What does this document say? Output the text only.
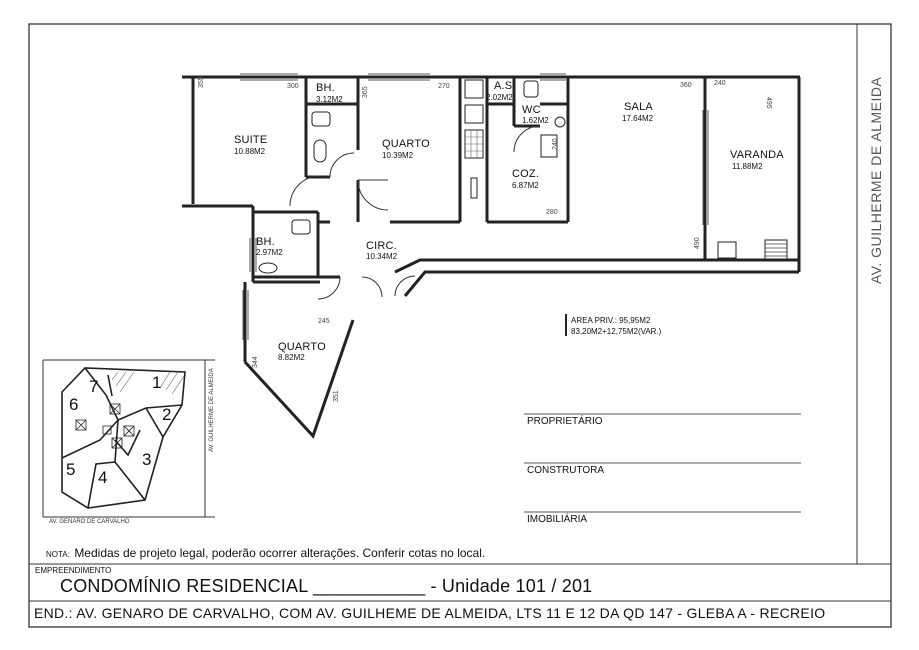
SUITE
10.88M2
BH.
3.12M2
QUARTO
10.39M2
A.S
2.02M2
WC
1.62M2
SALA
17.64M2
VARANDA
11.88M2
COZ.
6.87M2
BH.
2.97M2
CIRC.
10.34M2
QUARTO
8.82M2
355	300	365	270	360	240
495
240
280
490
245
344
351
AREA PRIV.: 95,95M2
83,20M2+12,75M2(VAR.)
PROPRIETÁRIO
CONSTRUTORA
IMOBILIÁRIA
AV. GUILHERME DE ALMEIDA
1
2
3
4
5
6
7	AV. GUILHERME DE ALMEIDA
AV. GENARO DE CARVALHO
NOTA: Medidas de projeto legal, poderão ocorrer alterações. Conferir cotas no local.
EMPREENDIMENTO
CONDOMÍNIO RESIDENCIAL ___________ - Unidade 101 / 201
END.: AV. GENARO DE CARVALHO, COM AV. GUILHEME DE ALMEIDA, LTS 11 E 12 DA QD 147 - GLEBA A - RECREIO
